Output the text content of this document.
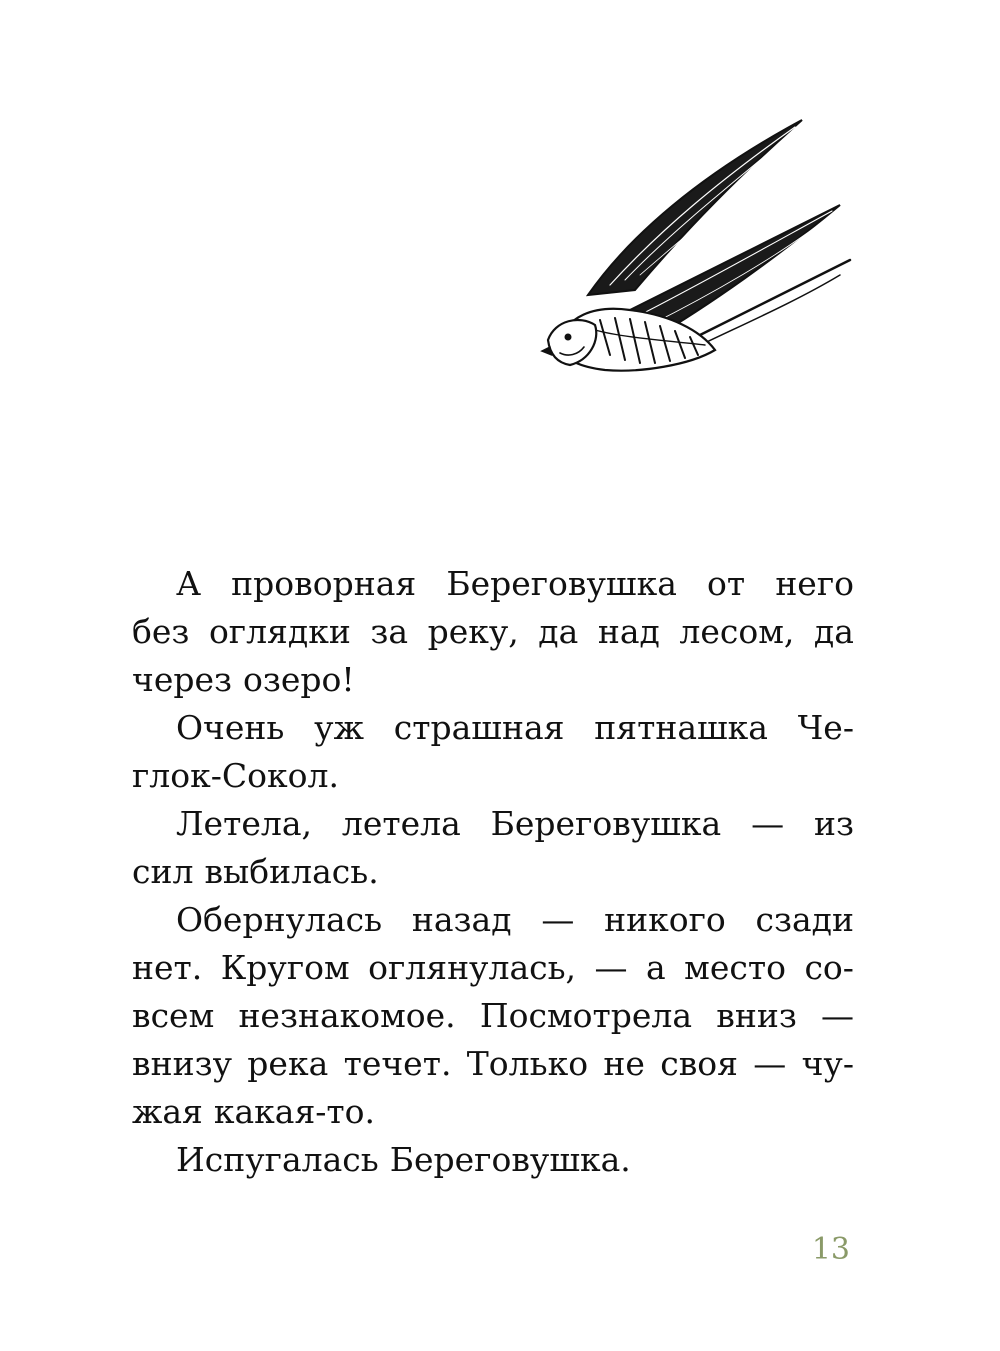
А проворная Береговушка от него
без оглядки за реку, да над лесом, да
через озеро!
Очень уж страшная пятнашка Че-
глок-Сокол.
Летела, летела Береговушка — из
сил выбилась.
Обернулась назад — никого сзади
нет. Кругом оглянулась, — а место со-
всем незнакомое. Посмотрела вниз —
внизу река течет. Только не своя — чу-
жая какая-то.
Испугалась Береговушка.
13
